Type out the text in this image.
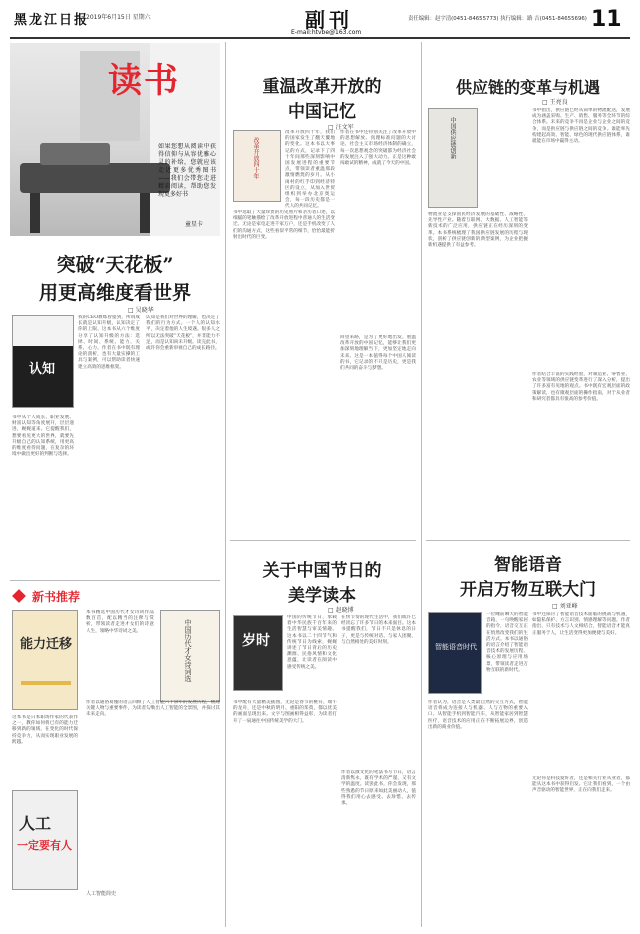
黑龙江日报
2019年6月15日 星期六	副刊
E-mail:htvbe@163.com
责任编辑：赵宇清(0451-84655773) 执行编辑：路 吉(0451-84655696) 11
读书
如果您想从阅读中获得信仰与从容优雅心灵的补给，您就应该走近更多优秀图书——我们会带您走进精彩阅读，帮助您发现更多好书
童星卡
突破“天花板”
用更高维度看世界
□ 吴晓华
认知
我的CEO教练曾提到，所谓成长就是认知升级，认知决定了你的上限。这本书从六个维度分享了认知升级的方法：选择、时间、系统、能力、关系、心力。作者在书中既有理论的剖析，也有大量实操的工具与案例，可以帮助读者快速建立高效的思维框架。
认知是我们对世界的理解，也决定了我们的行为方式。一个人的认知水平，决定着他的人生境遇。很多人之所以无法突破“天花板”，并非能力不足，而是认知尚未升级。读完此书，或许你会重新审视自己的成长路径。
书中从个人成长、职业发展、财富认知等角度展开，层层递进，娓娓道来。它提醒我们，想要看见更大的世界，就要先升级自己的认知系统，用更高的维度看待问题，在复杂的环境中做出更好的判断与选择。
新书推荐
能力迁移
这本书是日本职场作家的代表作之一，教你如何将已有的能力迁移到新的领域，在变化的时代保持竞争力，从而实现职业发展的跨越。
本书精选中国历代才女诗词作品数百首，配以精当的注释与赏析，带领读者走进才女们的诗意人生，领略中华诗词之美。	中国历代才女诗词选
人工
一定要有人
作者以通俗易懂的语言回顾了人工智能六十余年的发展历程，梳理关键人物与重要事件，为读者勾勒出人工智能的全景图，并探讨其未来走向。
人工智能简史
重温改革开放的
中国记忆
□ 汪文军
改革开放四十年
改革开放四十年，我们的国家发生了翻天覆地的变化。这本书以大事记的方式，记录下了四十年间那些深刻影响中国发展进程的重要节点，带领读者重温那段激情燃烧的岁月。从小岗村的红手印到经济特区的设立，从加入世贸组织到举办北京奥运会，每一段历史都是一代人的共同记忆。
书中选取了大量珍贵的历史照片和亲历者口述，以细腻的笔触描绘了改革开放进程中普通人的生活变迁。无论是家电走进千家万户，还是手机改变了人们的沟通方式，这些看似平常的细节，恰恰最能折射出时代的巨变。
作者在书中还特别关注了改革开放中的思想解放。真理标准问题的大讨论、社会主义市场经济体制的确立，每一次思想观念的突破都为经济社会的发展注入了强大动力。正是这种敢闯敢试的精神，成就了今天的中国。
回望来路，是为了更好地出发。重温改革开放的中国记忆，能够让我们更加深刻地理解当下，更加坚定地走向未来。这是一本值得每个中国人阅读的书，它记录的不只是历史，更是我们共同的奋斗与梦想。
关于中国节日的
美学读本
□ 赵晓博
岁时
中国的传统节日，承载着中华民族千百年来的生活智慧与审美情趣。这本书以二十四节气和传统节日为线索，娓娓讲述了节日背后的历史渊源、民俗风情和文化意蕴，让读者在阅读中感受传统之美。
书中配有大量精美插图，无论是春节的桃符、端午的龙舟，还是中秋的明月、重阳的茱萸，都以优美的画面呈现出来。文字与图画相得益彰，为读者打开了一扇通往中国传统美学的大门。
在快节奏的现代生活中，我们或许已经淡忘了许多节日的本来面目。这本书提醒我们，节日不只是休息的日子，更是与传统对话、与家人团聚、与自然相处的美好时刻。
作者以散文化的笔法书写节日，语言清新隽永，既有学术的严谨，又有文学的温度。读罢此书，你会发现，那些熟悉的节日原来如此美丽动人，值得我们用心去感受、去珍惜、去传承。
供应链的变革与机遇
□ 王亮良
中国供应链创新
物流业是支撑国民经济发展的基础性、战略性、先导性产业。随着互联网、大数据、人工智能等新技术的广泛应用，供应链正在经历深刻的变革。本书系统梳理了我国供应链发展的历程与现状，剖析了供应链创新的典型案例，为企业把握新机遇提供了有益参考。
书中指出，供应链已经从简单的物流配送，发展成为涵盖采购、生产、销售、服务等全环节的综合体系。未来的竞争不再是企业与企业之间的竞争，而是供应链与供应链之间的竞争。谁能率先构建起高效、智能、绿色的现代供应链体系，谁就能在市场中赢得主动。
作者结合丰富的实践经验，对制造业、零售业、农业等领域的供应链变革进行了深入分析，提出了许多富有见地的观点。书中既有宏观层面的政策解读，也有微观层面的操作指南，对于从业者和研究者都具有很高的参考价值。
智能语音
开启万物互联大门
□ 刘亚峰
智能语音时代
一位睡前聊天的智能音箱，一句唤醒家居的指令，语音交互正在悄然改变我们的生活方式。本书以通俗的语言介绍了智能语音技术的发展历程、核心原理与应用场景，带领读者走进万物互联的新时代。
作者认为，语音是人类最自然的交互方式，智能语音将成为连接人与机器、人与万物的重要入口。从智能手机到智能汽车，从智能家居到智慧医疗，语音技术的应用正在不断拓展边界，创造出新的商业价值。
书中还探讨了智能语音技术面临的挑战与机遇，如隐私保护、方言识别、情感理解等问题。作者指出，只有技术与人文相结合，智能语音才能真正服务于人，让生活变得更加便捷与美好。
无论你是科技爱好者，还是相关行业从业者，都能从这本书中获得启发。它让我们看到，一个由声音驱动的智能世界，正在向我们走来。
